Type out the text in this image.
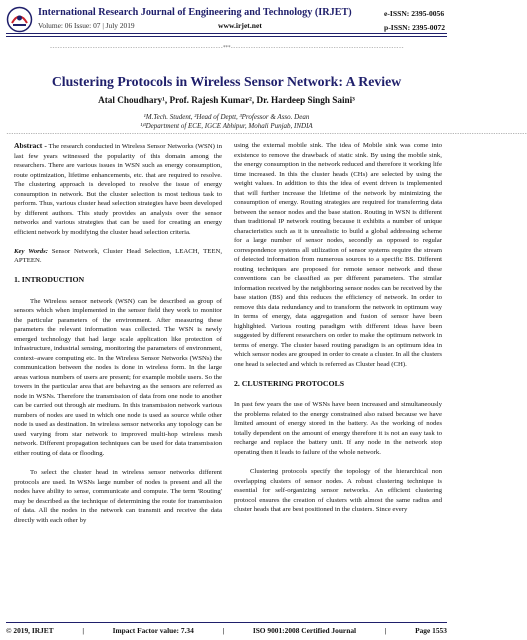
International Research Journal of Engineering and Technology (IRJET)
Volume: 06 Issue: 07 | July 2019	www.irjet.net
e-ISSN: 2395-0056
p-ISSN: 2395-0072
---------------------------------------------------------------------***---------------------------------------------------------------------
Clustering Protocols in Wireless Sensor Network: A Review
Atal Choudhary¹, Prof. Rajesh Kumar², Dr. Hardeep Singh Saini³
¹M.Tech. Student, ²Head of Deptt, ³Professor & Asso. Dean
¹ʲ³Department of ECE, IGCE Abhipur, Mohali Punjab, INDIA
------------------------------------------------------------------------------------------------------------------------------------------------------------------------------------------------------------------------

Abstract - The research conducted in Wireless Sensor Networks (WSN) in last few years witnessed the popularity of this domain among the researchers. There are various issues in WSN such as energy consumption, route optimization, lifetime enhancements, etc. that are required to resolve. The clustering approach is developed to resolve the issue of energy consumption in network. But the cluster selection is most tedious task to perform. Thus, various cluster head selection strategies have been developed by different authors. This study provides an analysis over the sensor networks and various strategies that can be used for creating an energy efficient network by modifying the cluster head selection criteria.

Key Words: Sensor Network, Cluster Head Selection, LEACH, TEEN, APTEEN.

1. INTRODUCTION

The Wireless sensor network (WSN) can be described as group of sensors which when implemented in the sensor field they work to monitor the particular parameters of the environment. After measuring these parameters the relevant information was collected. The WSN is newly emerged technology that had large scale application like protection of infrastructure, industrial sensing, monitoring the parameters of environment, context–aware computing etc. In the Wireless Sensor Networks (WSNs) the communication between the nodes is done in wireless form. In the large areas various numbers of users are present; for example mobile users. So the towers in the particular area that are behaving as the sensors are referred as node in WSNs. Therefore the transmission of data from one node to another can be carried out through air medium. In this transmission network various numbers of nodes are used in which one node is used as source while other node is used as destination. In wireless sensor networks any topology can be used varying from star network to improved multi-hop wireless mesh network. Different propagation techniques can be used for data transmission either routing of data or flooding.

To select the cluster head in wireless sensor networks different protocols are used. In WSNs large number of nodes is present and all the nodes have ability to sense, communicate and compute. The term 'Routing' may be described as the technique of determining the route for transmission of data. All the nodes in the network can transmit and receive the data directly with each other by

using the external mobile sink. The idea of Mobile sink was come into existence to remove the drawback of static sink. By using the mobile sink, the energy consumption in the network reduced and therefore it working life time increased. In this the cluster heads (CHs) are selected by using the weight values. In addition to this the idea of event driven is implemented that will further increase the lifetime of the network by minimizing the consumption of energy. Routing strategies are required for transferring data between the sensor nodes and the base station. Routing in WSN is different than traditional IP network routing because it exhibits a number of unique characteristics such as it is unrealistic to build a global addressing scheme for a large number of sensor nodes, secondly as opposed to regular correspondence systems all utilization of sensor systems require the stream of detected information from numerous sources to a specific BS. Different routing techniques are proposed for remote sensor network and these conventions can be classified as per different parameters. The similar information received by the neighboring sensor nodes can be received by the base station (BS) and this reduces the efficiency of network. In order to remove this data redundancy and to transform the network in optimum way in terms of energy, data aggregation and fusion of sensor have been highlighted. Various routing paradigm with different ideas have been suggested by different researchers on order to make the optimum network in terms of energy. The cluster based routing paradigm is an optimum idea in which sensor nodes are grouped in order to create a cluster. In all the clusters one head is selected and which is referred as Cluster head (CH).

2. CLUSTERING PROTOCOLS

In past few years the use of WSNs have been increased and simultaneously the problems related to the energy constrained also raised because we have limited amount of energy stored in the battery. As the working of nodes totally dependent on the amount of energy therefore it is not an easy task to recharge and replace the battery unit. If any node in the network stop operating then it leads to failure of the whole network.

Clustering protocols specify the topology of the hierarchical non overlapping clusters of sensor nodes. A robust clustering technique is essential for self-organizing sensor networks. An efficient clustering protocol ensures the creation of clusters with almost the same radius and cluster heads that are best positioned in the clusters. Since every

© 2019, IRJET	|	Impact Factor value: 7.34	|	ISO 9001:2008 Certified Journal	|	Page 1553
